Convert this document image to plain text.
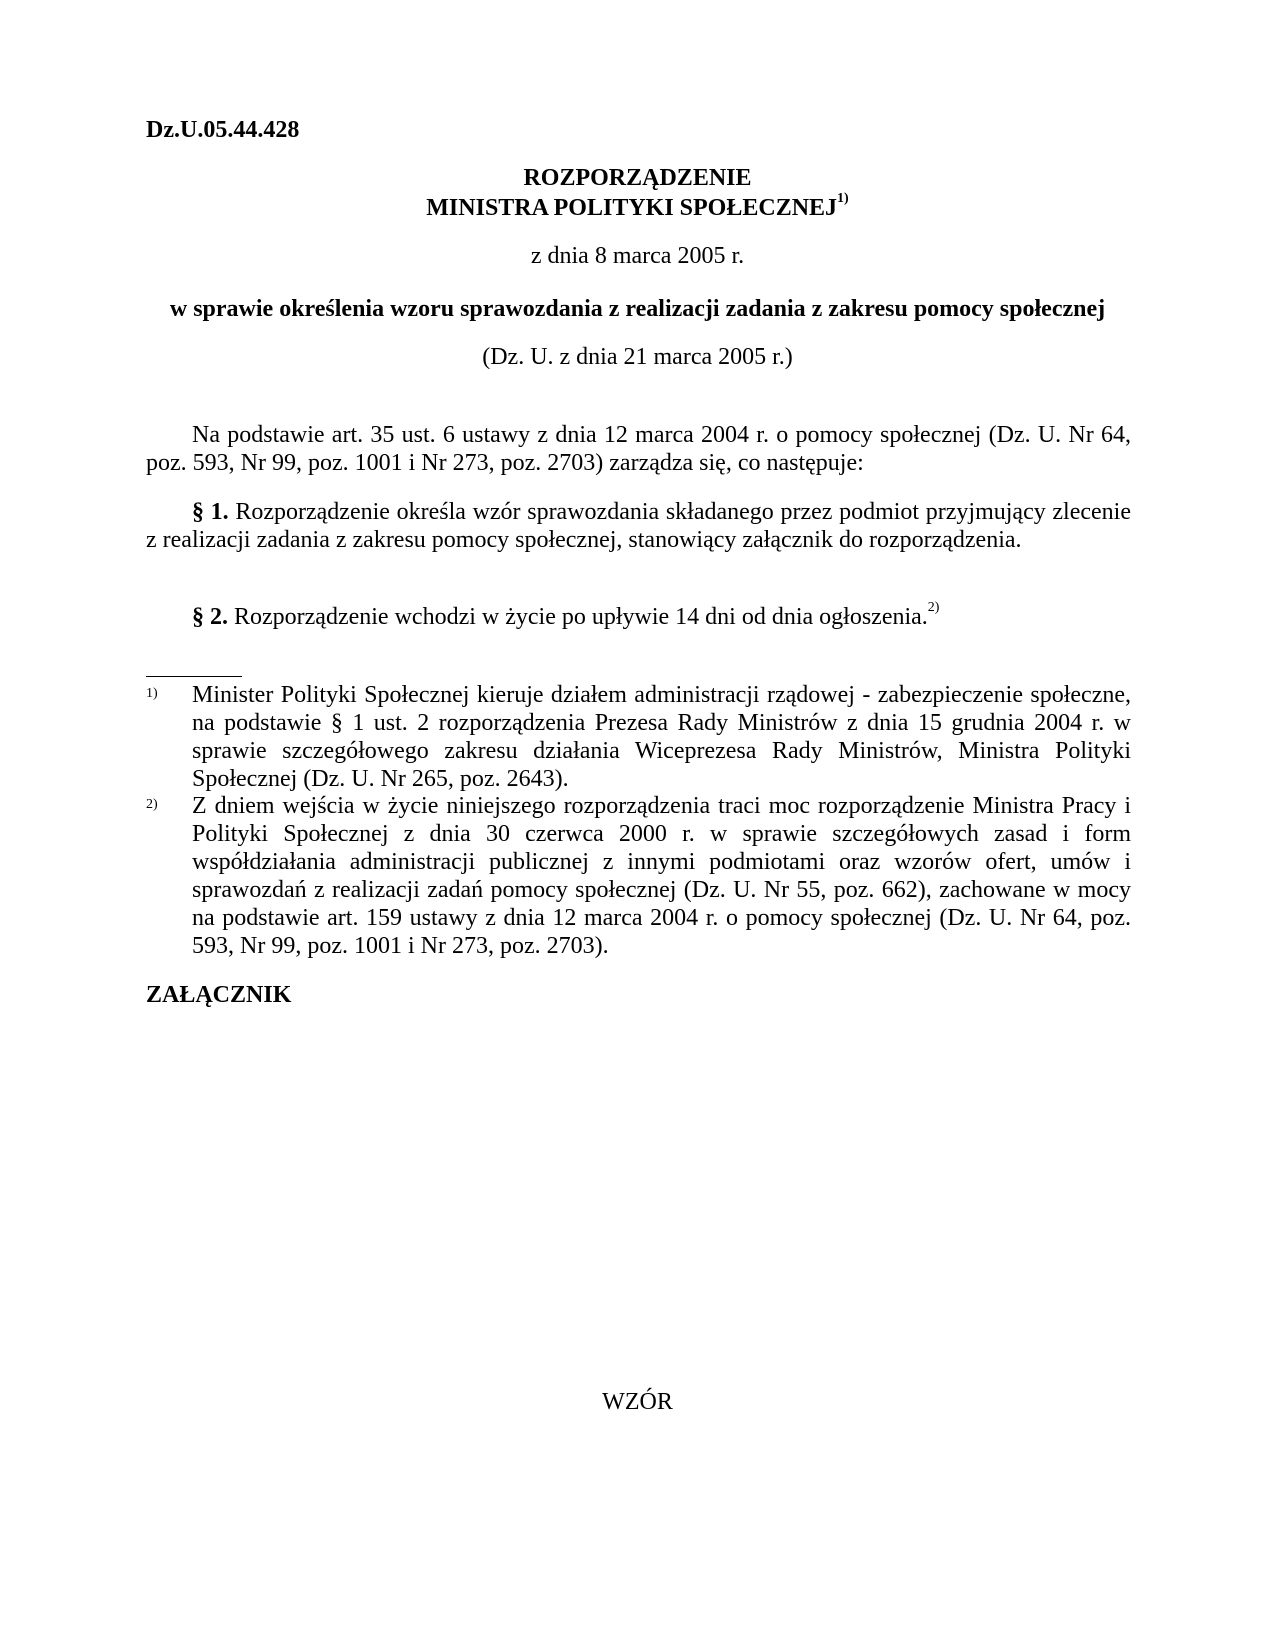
Dz.U.05.44.428

ROZPORZĄDZENIE

MINISTRA POLITYKI SPOŁECZNEJ$^{1)}$

z dnia 8 marca 2005 r.

w sprawie określenia wzoru sprawozdania z realizacji zadania z zakresu pomocy społecznej

(Dz. U. z dnia 21 marca 2005 r.)

Na podstawie art. 35 ust. 6 ustawy z dnia 12 marca 2004 r. o pomocy społecznej (Dz. U. Nr 64, poz. 593, Nr 99, poz. 1001 i Nr 273, poz. 2703) zarządza się, co następuje:

§ 1. Rozporządzenie określa wzór sprawozdania składanego przez podmiot przyjmujący zlecenie z realizacji zadania z zakresu pomocy społecznej, stanowiący załącznik do rozporządzenia.

§ 2. Rozporządzenie wchodzi w życie po upływie 14 dni od dnia ogłoszenia.$^{2)}$

1) Minister Polityki Społecznej kieruje działem administracji rządowej - zabezpieczenie społeczne, na podstawie § 1 ust. 2 rozporządzenia Prezesa Rady Ministrów z dnia 15 grudnia 2004 r. w sprawie szczegółowego zakresu działania Wiceprezesa Rady Ministrów, Ministra Polityki Społecznej (Dz. U. Nr 265, poz. 2643).

2) Z dniem wejścia w życie niniejszego rozporządzenia traci moc rozporządzenie Ministra Pracy i Polityki Społecznej z dnia 30 czerwca 2000 r. w sprawie szczegółowych zasad i form współdziałania administracji publicznej z innymi podmiotami oraz wzorów ofert, umów i sprawozdań z realizacji zadań pomocy społecznej (Dz. U. Nr 55, poz. 662), zachowane w mocy na podstawie art. 159 ustawy z dnia 12 marca 2004 r. o pomocy społecznej (Dz. U. Nr 64, poz. 593, Nr 99, poz. 1001 i Nr 273, poz. 2703).

ZAŁĄCZNIK

WZÓR
